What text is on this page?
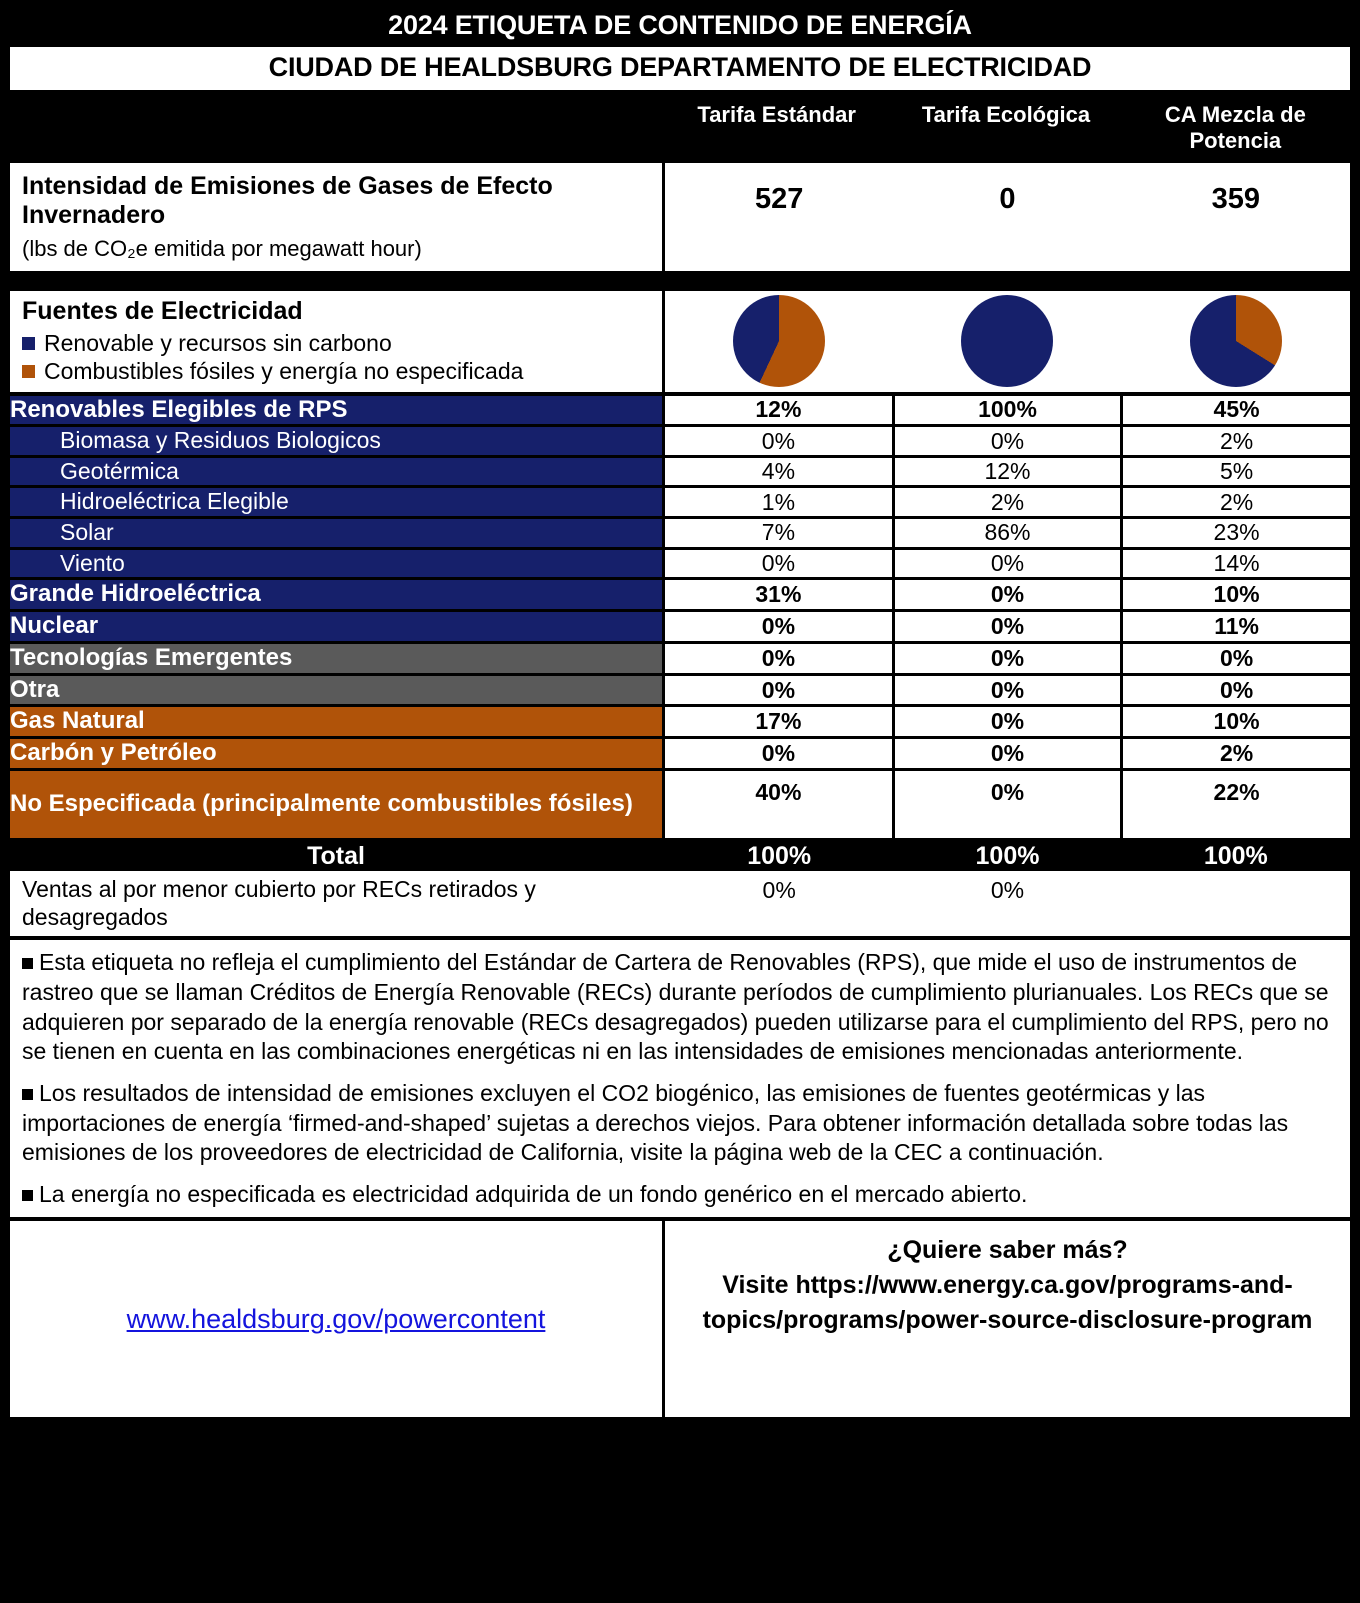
2024 ETIQUETA DE CONTENIDO DE ENERGÍA
CIUDAD DE HEALDSBURG DEPARTAMENTO DE ELECTRICIDAD
Tarifa Estándar	Tarifa Ecológica	CA Mezcla de Potencia
Intensidad de Emisiones de Gases de Efecto Invernadero
(lbs de CO₂e emitida por megawatt hour)
527	0	359
Fuentes de Electricidad
Renovable y recursos sin carbono
Combustibles fósiles y energía no especificada
Renovables Elegibles de RPS		12%	100%	45%
Biomasa y Residuos Biologicos		0%	0%	2%
Geotérmica		4%	12%	5%
Hidroeléctrica Elegible		1%	2%	2%
Solar		7%	86%	23%
Viento		0%	0%	14%
Grande Hidroeléctrica		31%	0%	10%
Nuclear		0%	0%	11%
Tecnologías Emergentes		0%	0%	0%
Otra		0%	0%	0%
Gas Natural		17%	0%	10%
Carbón y Petróleo		0%	0%	2%
No Especificada (principalmente combustibles fósiles)		40%	0%	22%
Total		100%	100%	100%
Ventas al por menor cubierto por RECs retirados y desagregados		0%	0%	

Esta etiqueta no refleja el cumplimiento del Estándar de Cartera de Renovables (RPS), que mide el uso de instrumentos de rastreo que se llaman Créditos de Energía Renovable (RECs) durante períodos de cumplimiento plurianuales. Los RECs que se adquieren por separado de la energía renovable (RECs desagregados) pueden utilizarse para el cumplimiento del RPS, pero no se tienen en cuenta en las combinaciones energéticas ni en las intensidades de emisiones mencionadas anteriormente.

Los resultados de intensidad de emisiones excluyen el CO2 biogénico, las emisiones de fuentes geotérmicas y las importaciones de energía ‘firmed-and-shaped’ sujetas a derechos viejos. Para obtener información detallada sobre todas las emisiones de los proveedores de electricidad de California, visite la página web de la CEC a continuación.

La energía no especificada es electricidad adquirida de un fondo genérico en el mercado abierto.

www.healdsburg.gov/powercontent
¿Quiere saber más?
Visite https://www.energy.ca.gov/programs-and-topics/programs/power-source-disclosure-program
